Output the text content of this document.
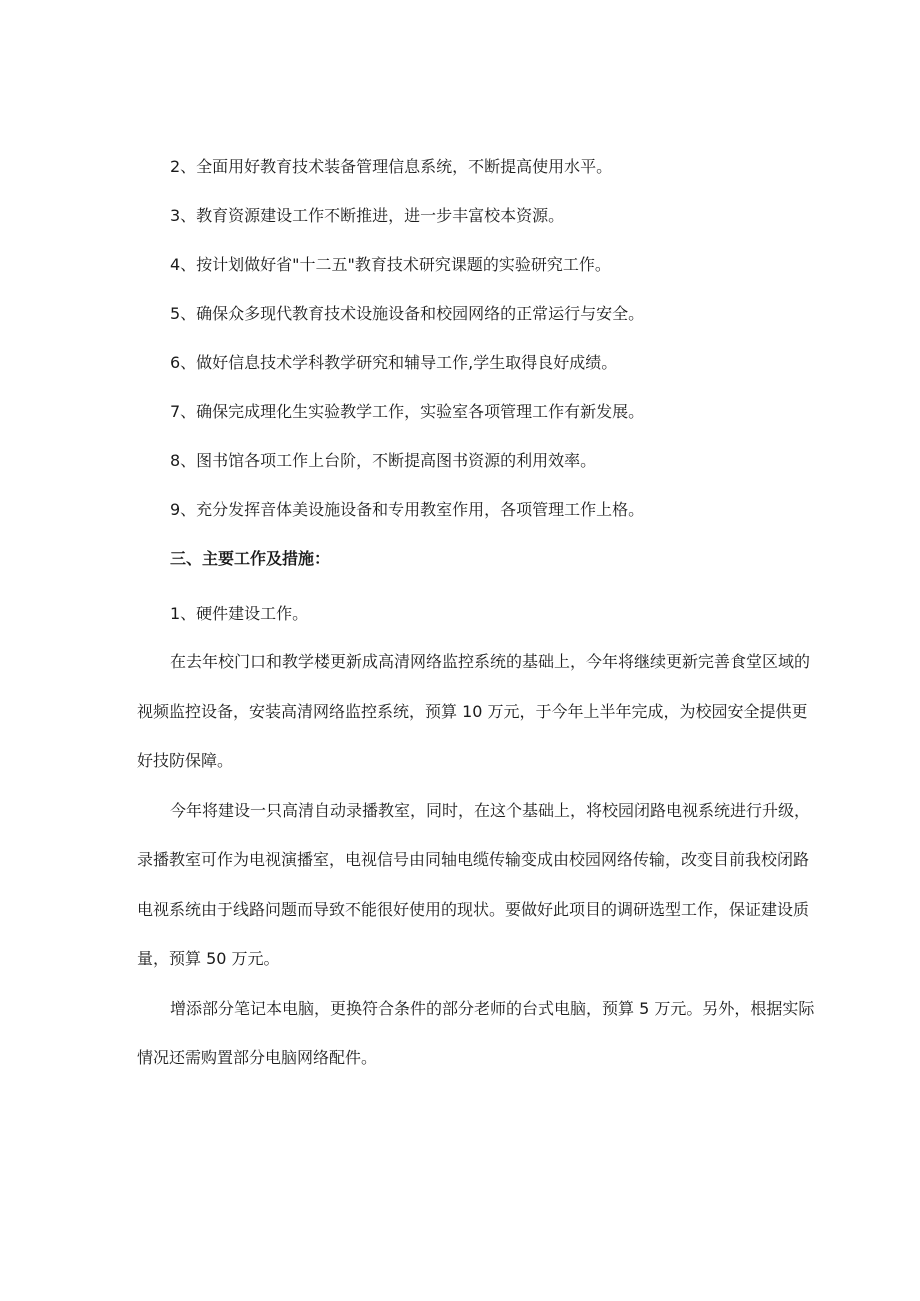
2、全面用好教育技术装备管理信息系统，不断提高使用水平。
3、教育资源建设工作不断推进，进一步丰富校本资源。
4、按计划做好省"十二五"教育技术研究课题的实验研究工作。
5、确保众多现代教育技术设施设备和校园网络的正常运行与安全。
6、做好信息技术学科教学研究和辅导工作,学生取得良好成绩。
7、确保完成理化生实验教学工作，实验室各项管理工作有新发展。
8、图书馆各项工作上台阶，不断提高图书资源的利用效率。
9、充分发挥音体美设施设备和专用教室作用，各项管理工作上格。
三、主要工作及措施：
1、硬件建设工作。
在去年校门口和教学楼更新成高清网络监控系统的基础上，今年将继续更新完善食堂区域的
视频监控设备，安装高清网络监控系统，预算 10 万元，于今年上半年完成，为校园安全提供更
好技防保障。
今年将建设一只高清自动录播教室，同时，在这个基础上，将校园闭路电视系统进行升级，
录播教室可作为电视演播室，电视信号由同轴电缆传输变成由校园网络传输，改变目前我校闭路
电视系统由于线路问题而导致不能很好使用的现状。要做好此项目的调研选型工作，保证建设质
量，预算 50 万元。
增添部分笔记本电脑，更换符合条件的部分老师的台式电脑，预算 5 万元。另外，根据实际
情况还需购置部分电脑网络配件。
